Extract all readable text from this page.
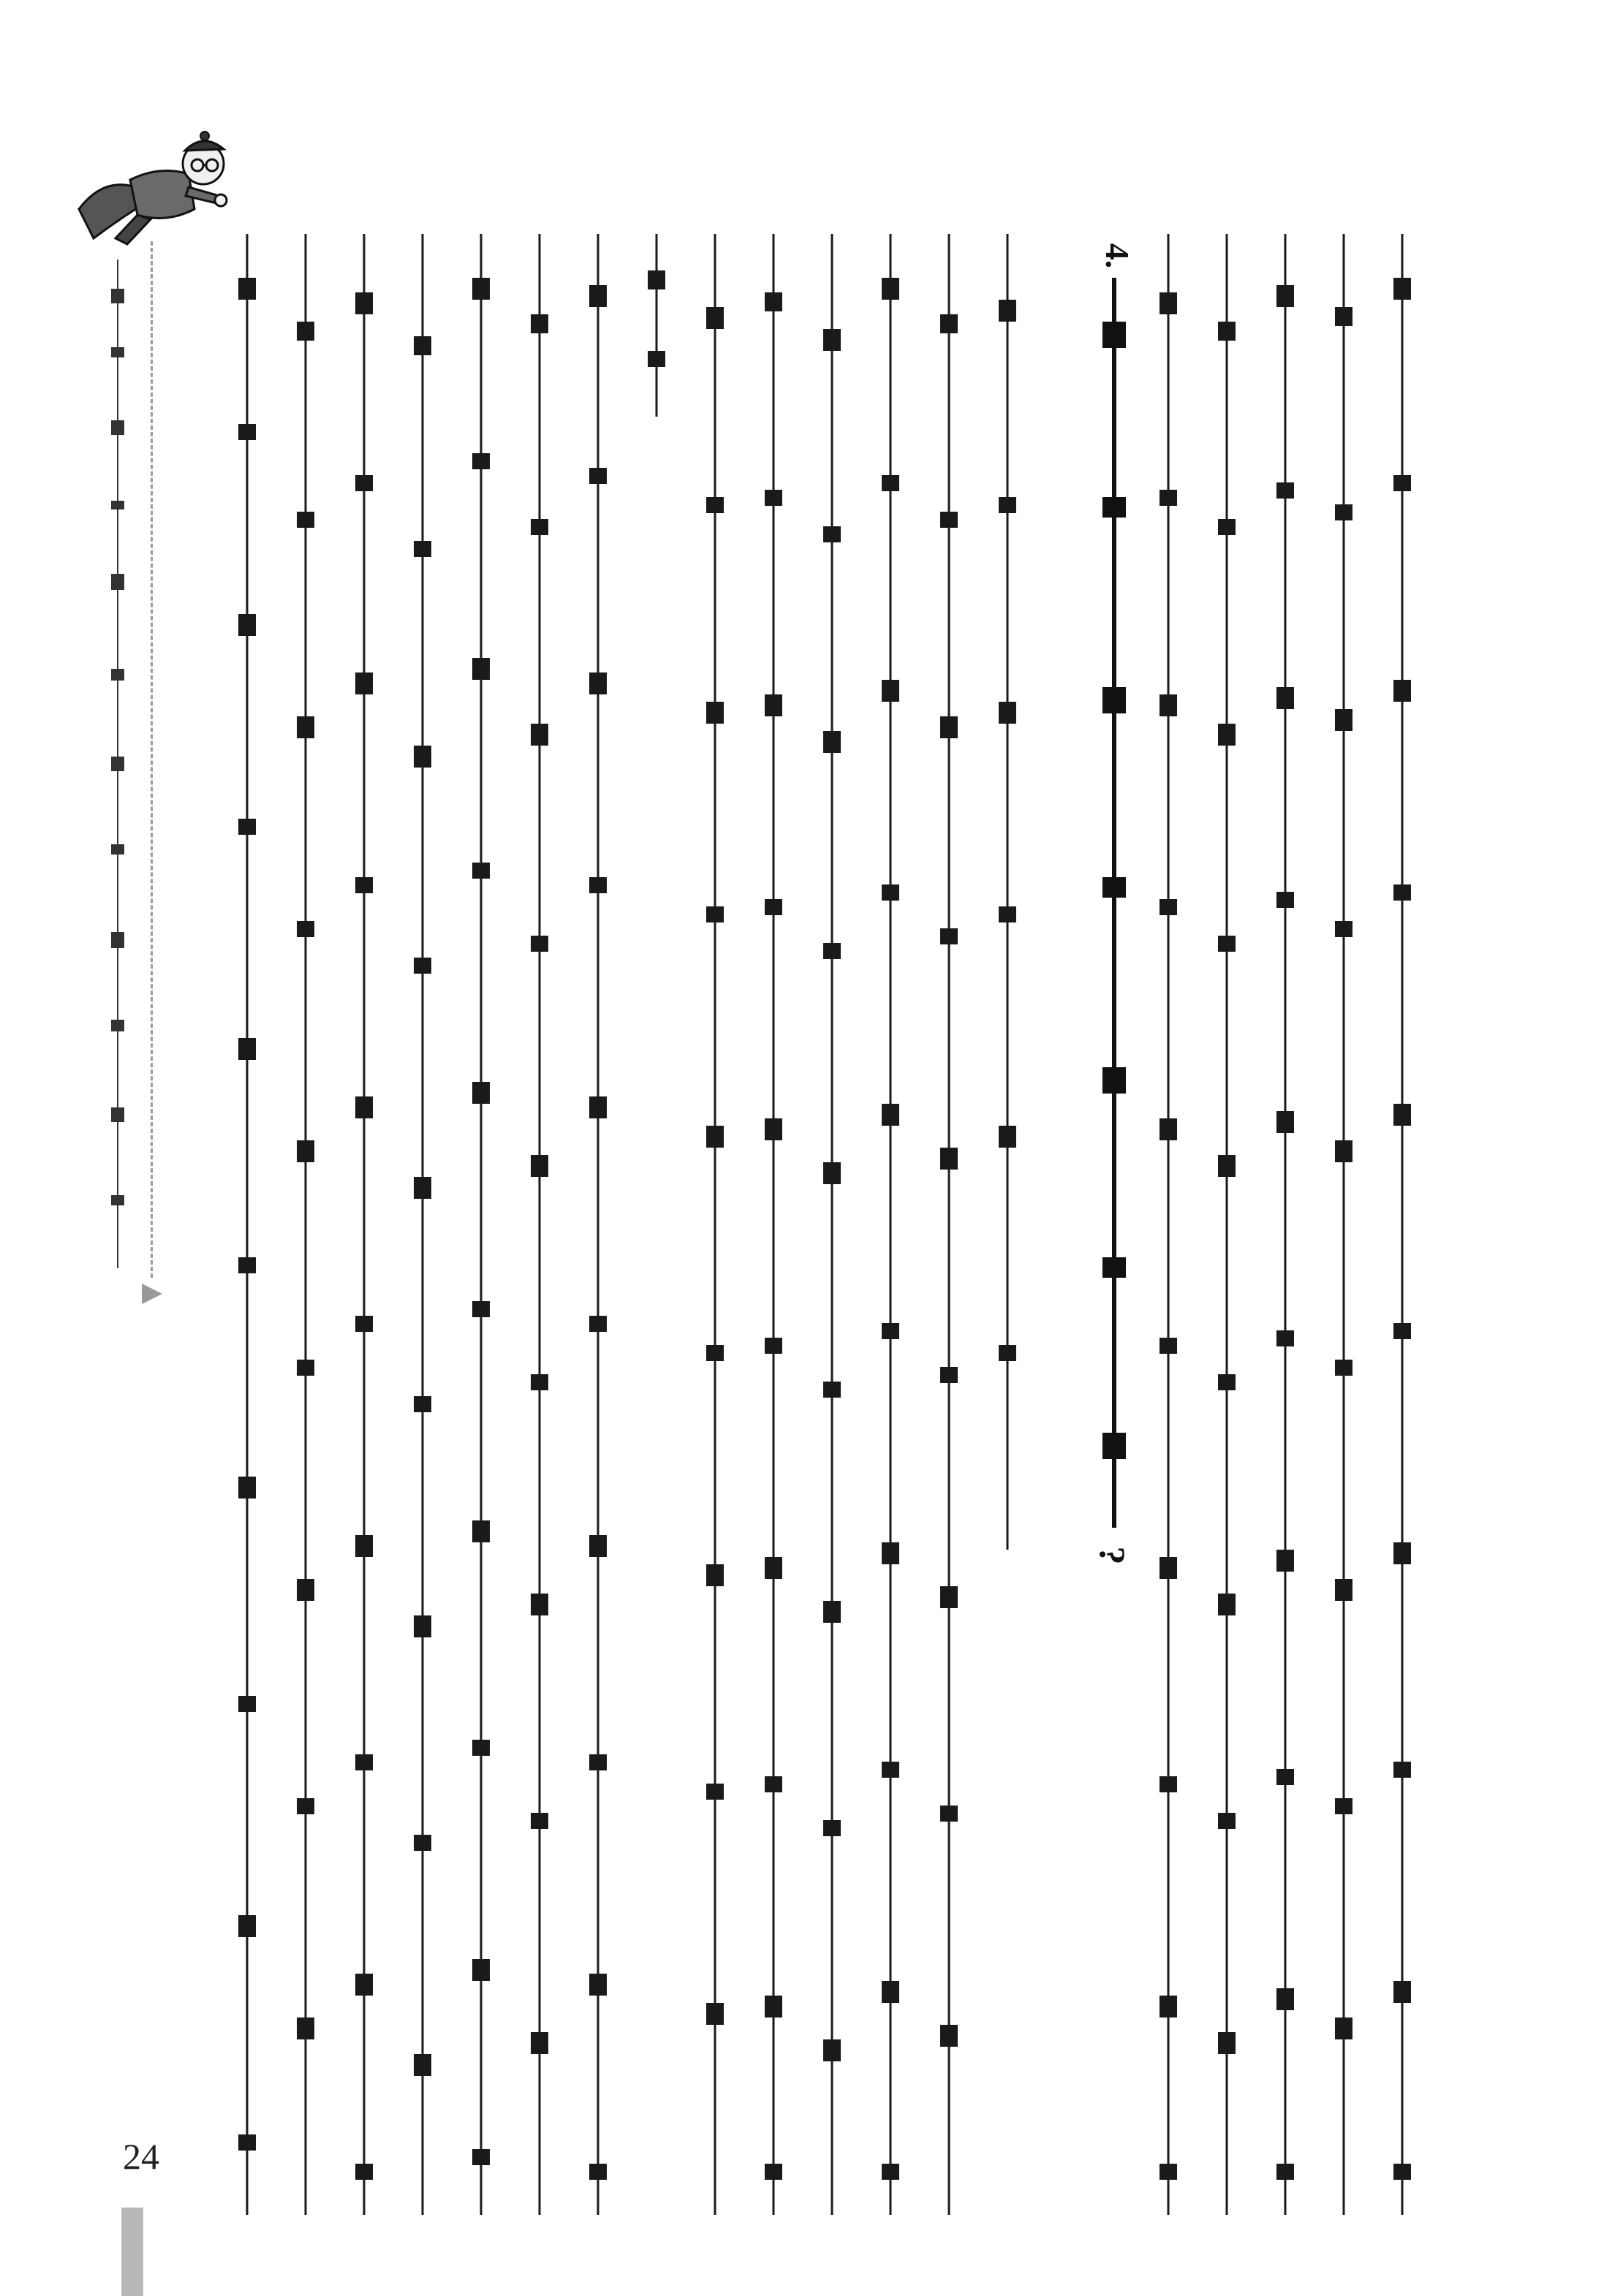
4.
?
24
